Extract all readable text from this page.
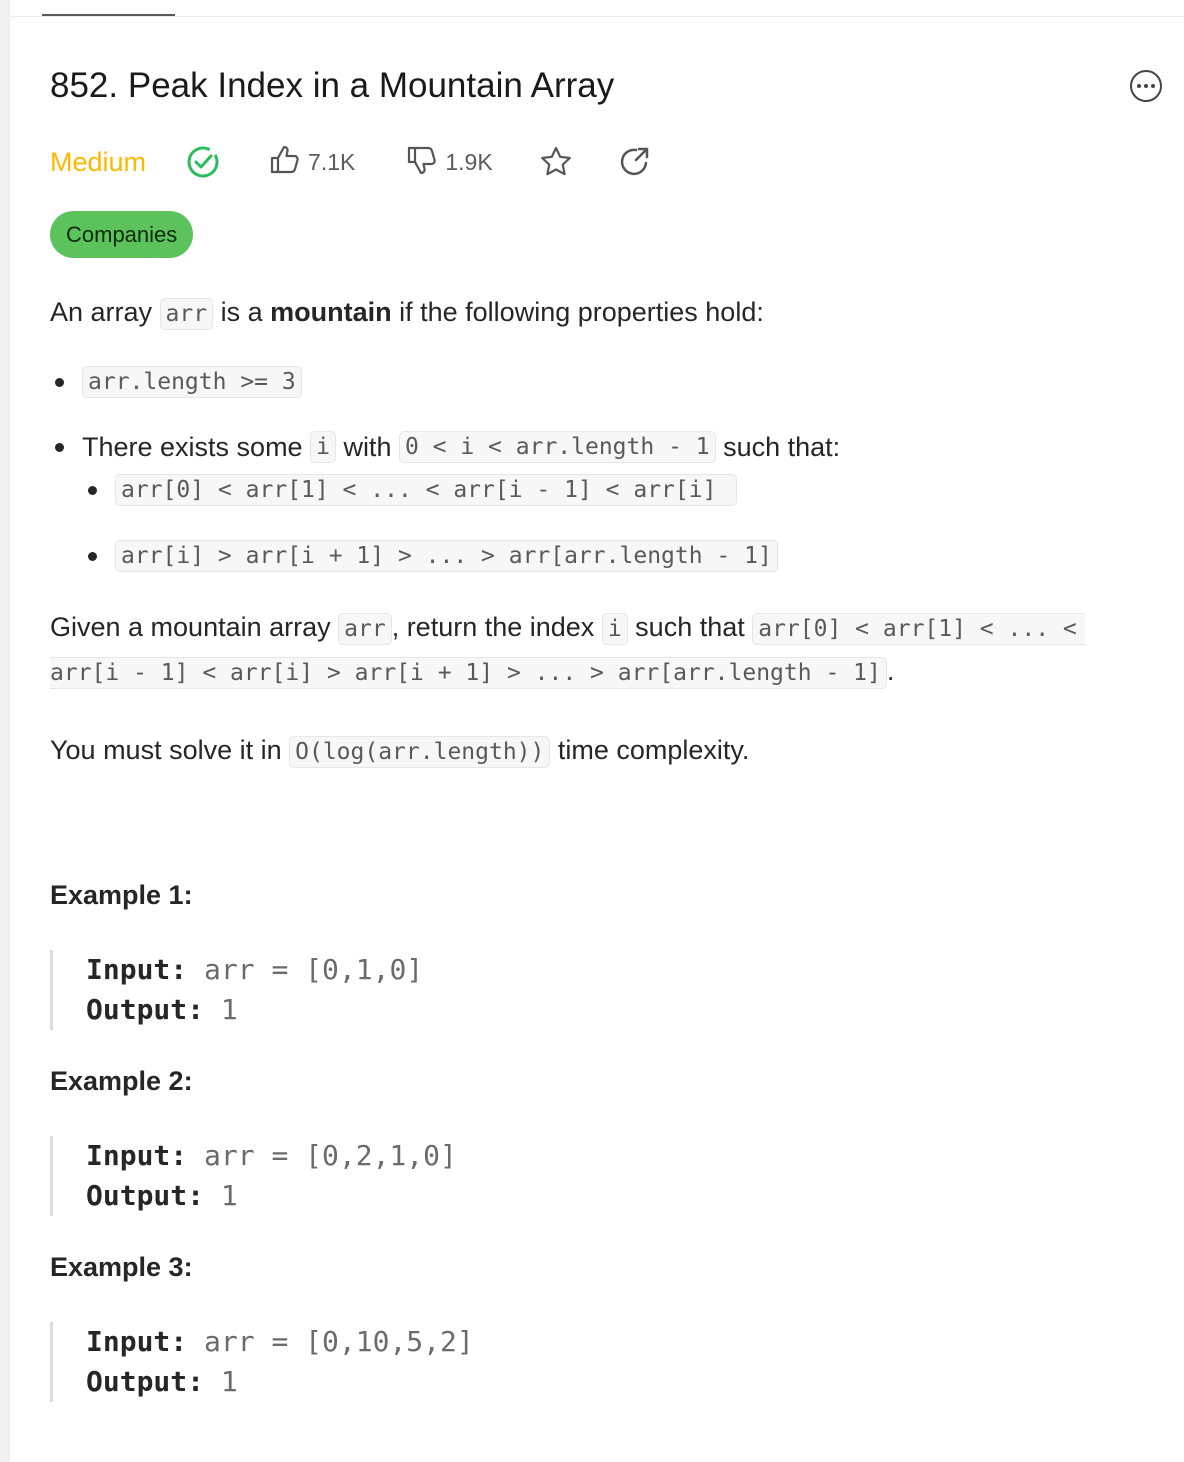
852. Peak Index in a Mountain Array
Medium	7.1K	1.9K
Companies
An array arr is a mountain if the following properties hold:
arr.length >= 3
There exists some i with 0 < i < arr.length - 1 such that:
arr[0] < arr[1] < ... < arr[i - 1] < arr[i]
arr[i] > arr[i + 1] > ... > arr[arr.length - 1]
Given a mountain array arr , return the index i such that arr[0] < arr[1] < ... <
arr[i - 1] < arr[i] > arr[i + 1] > ... > arr[arr.length - 1] .
You must solve it in O(log(arr.length)) time complexity.
Example 1:
Input: arr = [0,1,0]
Output: 1
Example 2:
Input: arr = [0,2,1,0]
Output: 1
Example 3:
Input: arr = [0,10,5,2]
Output: 1
